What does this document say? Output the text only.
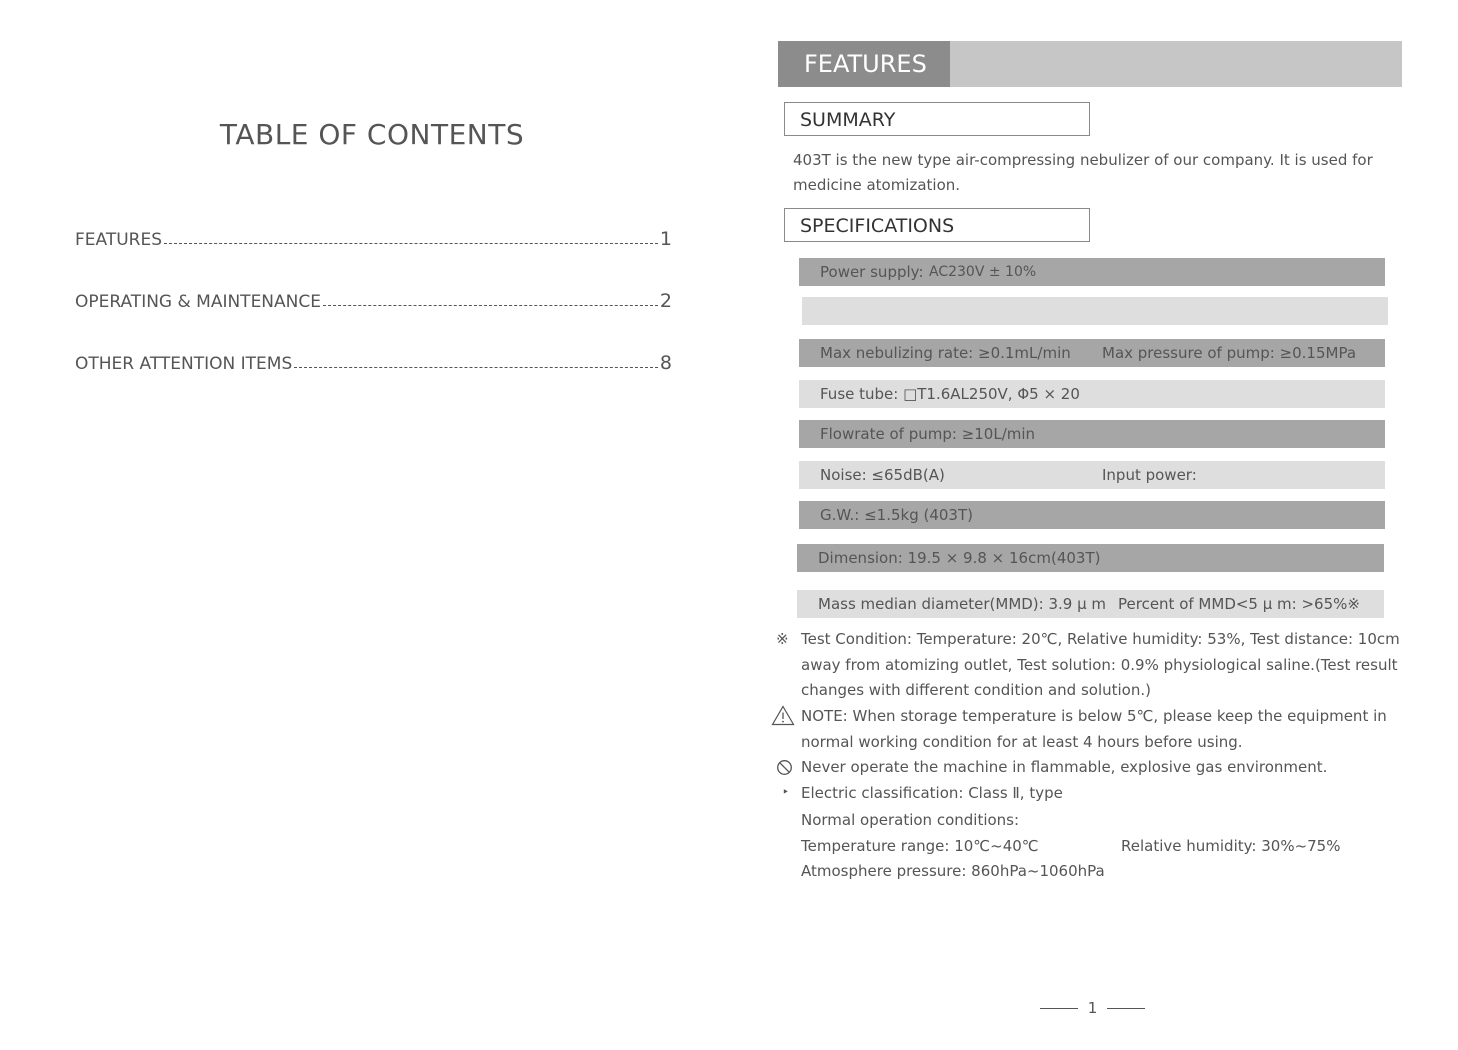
TABLE OF CONTENTS
FEATURES	1
OPERATING & MAINTENANCE	2
OTHER ATTENTION ITEMS	8
FEATURES
SUMMARY
403T is the new type air-compressing nebulizer of our company. It is used for
medicine atomization.
SPECIFICATIONS
Power supply: AC230V ± 10%
Max nebulizing rate: ≥0.1mL/min Max pressure of pump: ≥0.15MPa
Fuse tube: □T1.6AL250V, Φ5 × 20
Flowrate of pump: ≥10L/min
Noise: ≤65dB(A)	Input power:
G.W.: ≤1.5kg (403T)
Dimension: 19.5 × 9.8 × 16cm(403T)
Mass median diameter(MMD): 3.9 μ m Percent of MMD<5 μ m: >65%※
※ Test Condition: Temperature: 20℃, Relative humidity: 53%, Test distance: 10cm
away from atomizing outlet, Test solution: 0.9% physiological saline.(Test result
changes with different condition and solution.)
NOTE: When storage temperature is below 5℃, please keep the equipment in
normal working condition for at least 4 hours before using.
Never operate the machine in flammable, explosive gas environment.
‣ Electric classification: Class Ⅱ, type
Normal operation conditions:
Temperature range: 10℃~40℃	Relative humidity: 30%~75%
Atmosphere pressure: 860hPa~1060hPa
1
